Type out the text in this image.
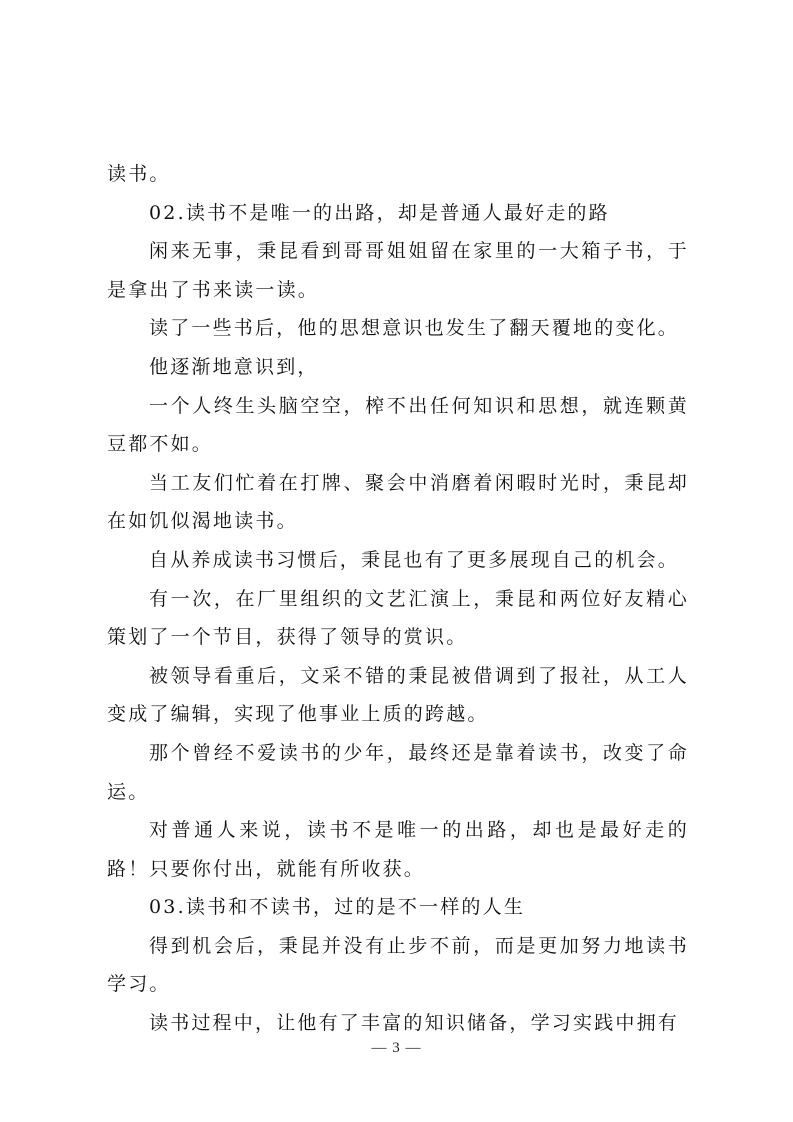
读书。

02.读书不是唯一的出路，却是普通人最好走的路

闲来无事，秉昆看到哥哥姐姐留在家里的一大箱子书，于是拿出了书来读一读。

读了一些书后，他的思想意识也发生了翻天覆地的变化。

他逐渐地意识到，

一个人终生头脑空空，榨不出任何知识和思想，就连颗黄豆都不如。

当工友们忙着在打牌、聚会中消磨着闲暇时光时，秉昆却在如饥似渴地读书。

自从养成读书习惯后，秉昆也有了更多展现自己的机会。

有一次，在厂里组织的文艺汇演上，秉昆和两位好友精心策划了一个节目，获得了领导的赏识。

被领导看重后，文采不错的秉昆被借调到了报社，从工人变成了编辑，实现了他事业上质的跨越。

那个曾经不爱读书的少年，最终还是靠着读书，改变了命运。

对普通人来说，读书不是唯一的出路，却也是最好走的路！只要你付出，就能有所收获。

03.读书和不读书，过的是不一样的人生

得到机会后，秉昆并没有止步不前，而是更加努力地读书学习。

读书过程中，让他有了丰富的知识储备，学习实践中拥有

— 3 —
